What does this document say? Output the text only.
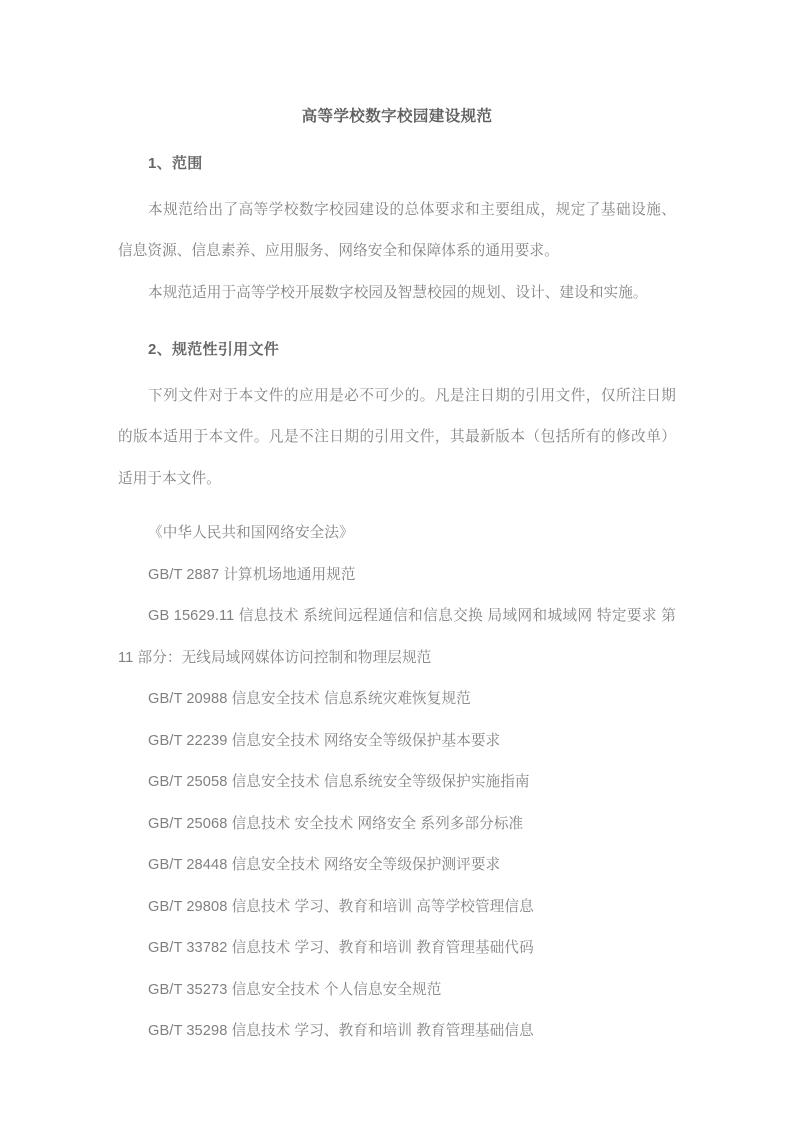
高等学校数字校园建设规范
1、范围

本规范给出了高等学校数字校园建设的总体要求和主要组成，规定了基础设施、信息资源、信息素养、应用服务、网络安全和保障体系的通用要求。

本规范适用于高等学校开展数字校园及智慧校园的规划、设计、建设和实施。

2、规范性引用文件

下列文件对于本文件的应用是必不可少的。凡是注日期的引用文件，仅所注日期的版本适用于本文件。凡是不注日期的引用文件，其最新版本（包括所有的修改单）适用于本文件。

《中华人民共和国网络安全法》
GB/T 2887 计算机场地通用规范
GB 15629.11 信息技术 系统间远程通信和信息交换 局域网和城域网 特定要求 第 11 部分：无线局域网媒体访问控制和物理层规范
GB/T 20988 信息安全技术 信息系统灾难恢复规范
GB/T 22239 信息安全技术 网络安全等级保护基本要求
GB/T 25058 信息安全技术 信息系统安全等级保护实施指南
GB/T 25068 信息技术 安全技术 网络安全 系列多部分标准
GB/T 28448 信息安全技术 网络安全等级保护测评要求
GB/T 29808 信息技术 学习、教育和培训 高等学校管理信息
GB/T 33782 信息技术 学习、教育和培训 教育管理基础代码
GB/T 35273 信息安全技术 个人信息安全规范
GB/T 35298 信息技术 学习、教育和培训 教育管理基础信息
